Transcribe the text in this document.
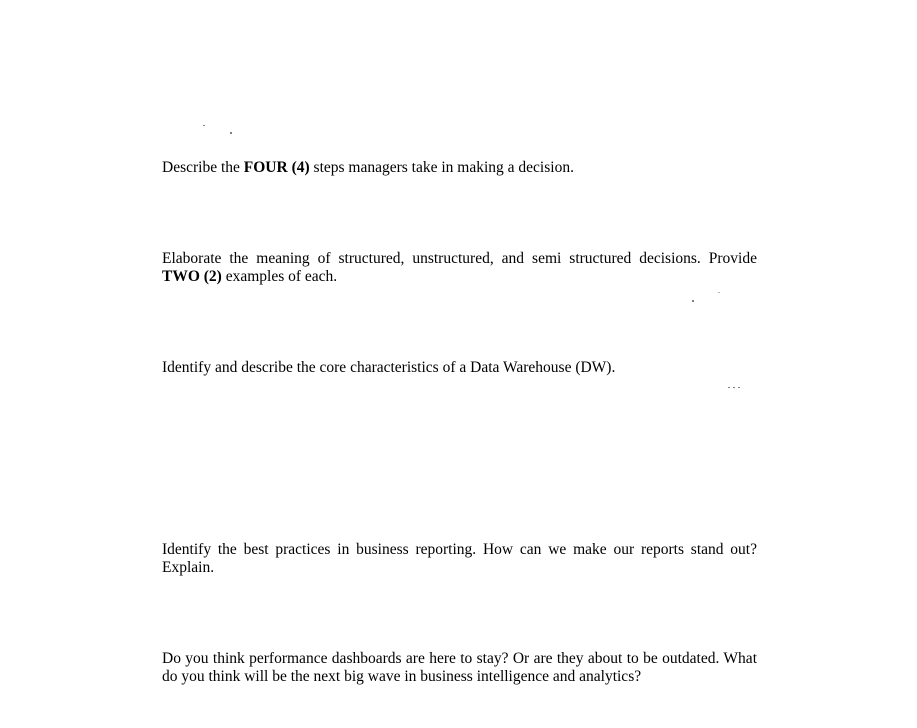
Describe the FOUR (4) steps managers take in making a decision.

Elaborate the meaning of structured, unstructured, and semi structured decisions. Provide TWO (2) examples of each.

Identify and describe the core characteristics of a Data Warehouse (DW).

Identify the best practices in business reporting. How can we make our reports stand out? Explain.

Do you think performance dashboards are here to stay? Or are they about to be outdated. What do you think will be the next big wave in business intelligence and analytics?
